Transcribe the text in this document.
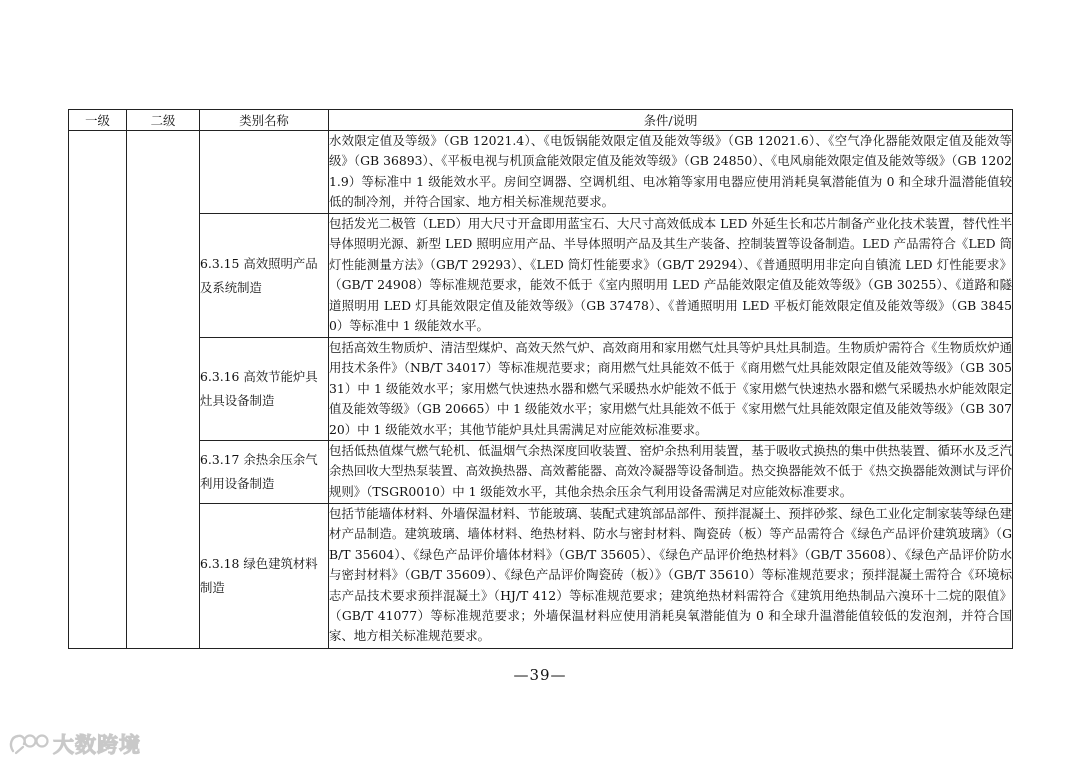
一级	二级	类别名称	条件/说明
			水效限定值及等级》（GB 12021.4）、《电饭锅能效限定值及能效等级》（GB 12021.6）、《空气净化器能效限定值及能效等级》（GB 36893）、《平板电视与机顶盒能效限定值及能效等级》（GB 24850）、《电风扇能效限定值及能效等级》（GB 12021.9）等标准中 1 级能效水平。房间空调器、空调机组、电冰箱等家用电器应使用消耗臭氧潜能值为 0 和全球升温潜能值较低的制冷剂，并符合国家、地方相关标准规范要求。
		6.3.15 高效照明产品及系统制造	包括发光二极管（LED）用大尺寸开盒即用蓝宝石、大尺寸高效低成本 LED 外延生长和芯片制备产业化技术装置，替代性半导体照明光源、新型 LED 照明应用产品、半导体照明产品及其生产装备、控制装置等设备制造。LED 产品需符合《LED 筒灯性能测量方法》（GB/T 29293）、《LED 筒灯性能要求》（GB/T 29294）、《普通照明用非定向自镇流 LED 灯性能要求》（GB/T 24908）等标准规范要求，能效不低于《室内照明用 LED 产品能效限定值及能效等级》（GB 30255）、《道路和隧道照明用 LED 灯具能效限定值及能效等级》（GB 37478）、《普通照明用 LED 平板灯能效限定值及能效等级》（GB 38450）等标准中 1 级能效水平。
		6.3.16 高效节能炉具灶具设备制造	包括高效生物质炉、清洁型煤炉、高效天然气炉、高效商用和家用燃气灶具等炉具灶具制造。生物质炉需符合《生物质炊炉通用技术条件》（NB/T 34017）等标准规范要求；商用燃气灶具能效不低于《商用燃气灶具能效限定值及能效等级》（GB 30531）中 1 级能效水平；家用燃气快速热水器和燃气采暖热水炉能效不低于《家用燃气快速热水器和燃气采暖热水炉能效限定值及能效等级》（GB 20665）中 1 级能效水平；家用燃气灶具能效不低于《家用燃气灶具能效限定值及能效等级》（GB 30720）中 1 级能效水平；其他节能炉具灶具需满足对应能效标准要求。
		6.3.17 余热余压余气利用设备制造	包括低热值煤气燃气轮机、低温烟气余热深度回收装置、窑炉余热利用装置，基于吸收式换热的集中供热装置、循环水及乏汽余热回收大型热泵装置、高效换热器、高效蓄能器、高效冷凝器等设备制造。热交换器能效不低于《热交换器能效测试与评价规则》（TSGR0010）中 1 级能效水平，其他余热余压余气利用设备需满足对应能效标准要求。
		6.3.18 绿色建筑材料制造	包括节能墙体材料、外墙保温材料、节能玻璃、装配式建筑部品部件、预拌混凝土、预拌砂浆、绿色工业化定制家装等绿色建材产品制造。建筑玻璃、墙体材料、绝热材料、防水与密封材料、陶瓷砖（板）等产品需符合《绿色产品评价建筑玻璃》（GB/T 35604）、《绿色产品评价墙体材料》（GB/T 35605）、《绿色产品评价绝热材料》（GB/T 35608）、《绿色产品评价防水与密封材料》（GB/T 35609）、《绿色产品评价陶瓷砖（板）》（GB/T 35610）等标准规范要求；预拌混凝土需符合《环境标志产品技术要求预拌混凝土》（HJ/T 412）等标准规范要求；建筑绝热材料需符合《建筑用绝热制品六溴环十二烷的限值》（GB/T 41077）等标准规范要求；外墙保温材料应使用消耗臭氧潜能值为 0 和全球升温潜能值较低的发泡剂，并符合国家、地方相关标准规范要求。
—39—
大数跨境
